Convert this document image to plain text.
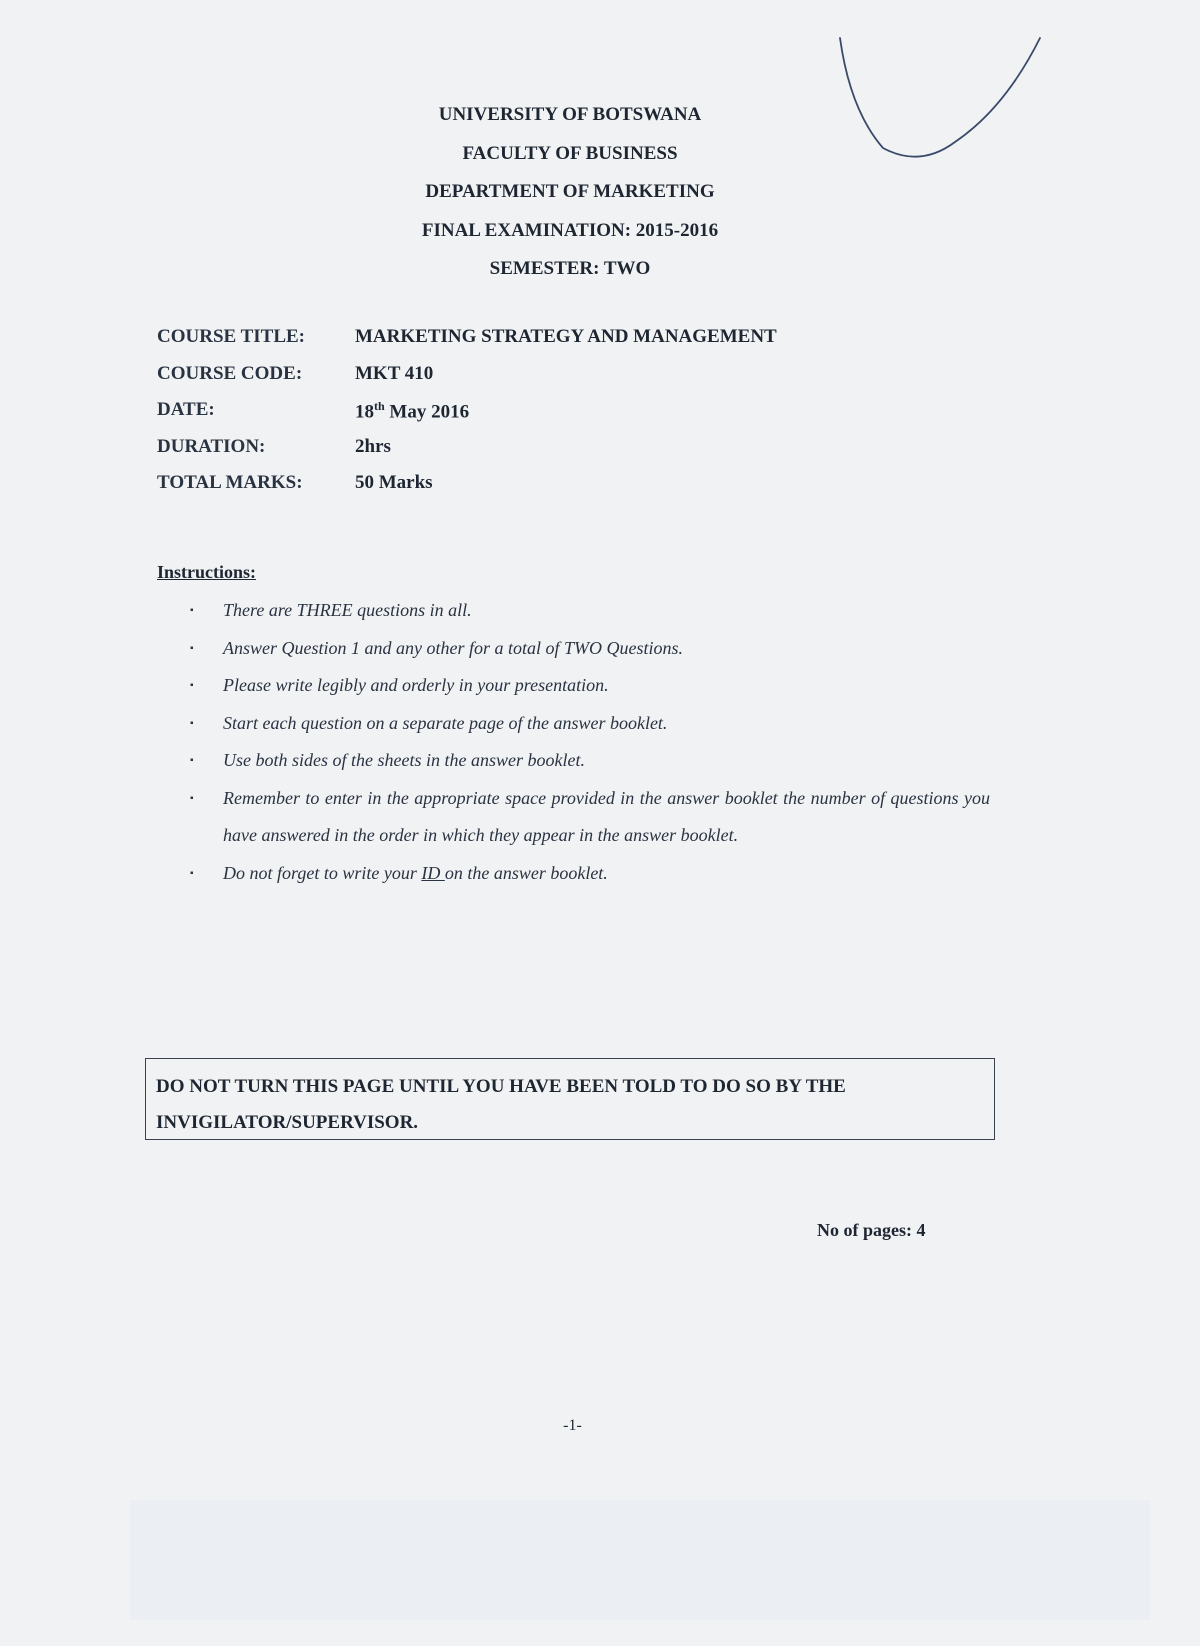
UNIVERSITY OF BOTSWANA
FACULTY OF BUSINESS
DEPARTMENT OF MARKETING
FINAL EXAMINATION: 2015-2016
SEMESTER: TWO
COURSE TITLE:	MARKETING STRATEGY AND MANAGEMENT
COURSE CODE:	MKT 410
DATE:	18th May 2016
DURATION:	2hrs
TOTAL MARKS:	50 Marks
Instructions:
▪ There are THREE questions in all.
▪ Answer Question 1 and any other for a total of TWO Questions.
▪ Please write legibly and orderly in your presentation.
▪ Start each question on a separate page of the answer booklet.
▪ Use both sides of the sheets in the answer booklet.
▪ Remember to enter in the appropriate space provided in the answer booklet the number of questions you have answered in the order in which they appear in the answer booklet.
▪ Do not forget to write your ID on the answer booklet.
DO NOT TURN THIS PAGE UNTIL YOU HAVE BEEN TOLD TO DO SO BY THE INVIGILATOR/SUPERVISOR.
No of pages: 4
-1-
